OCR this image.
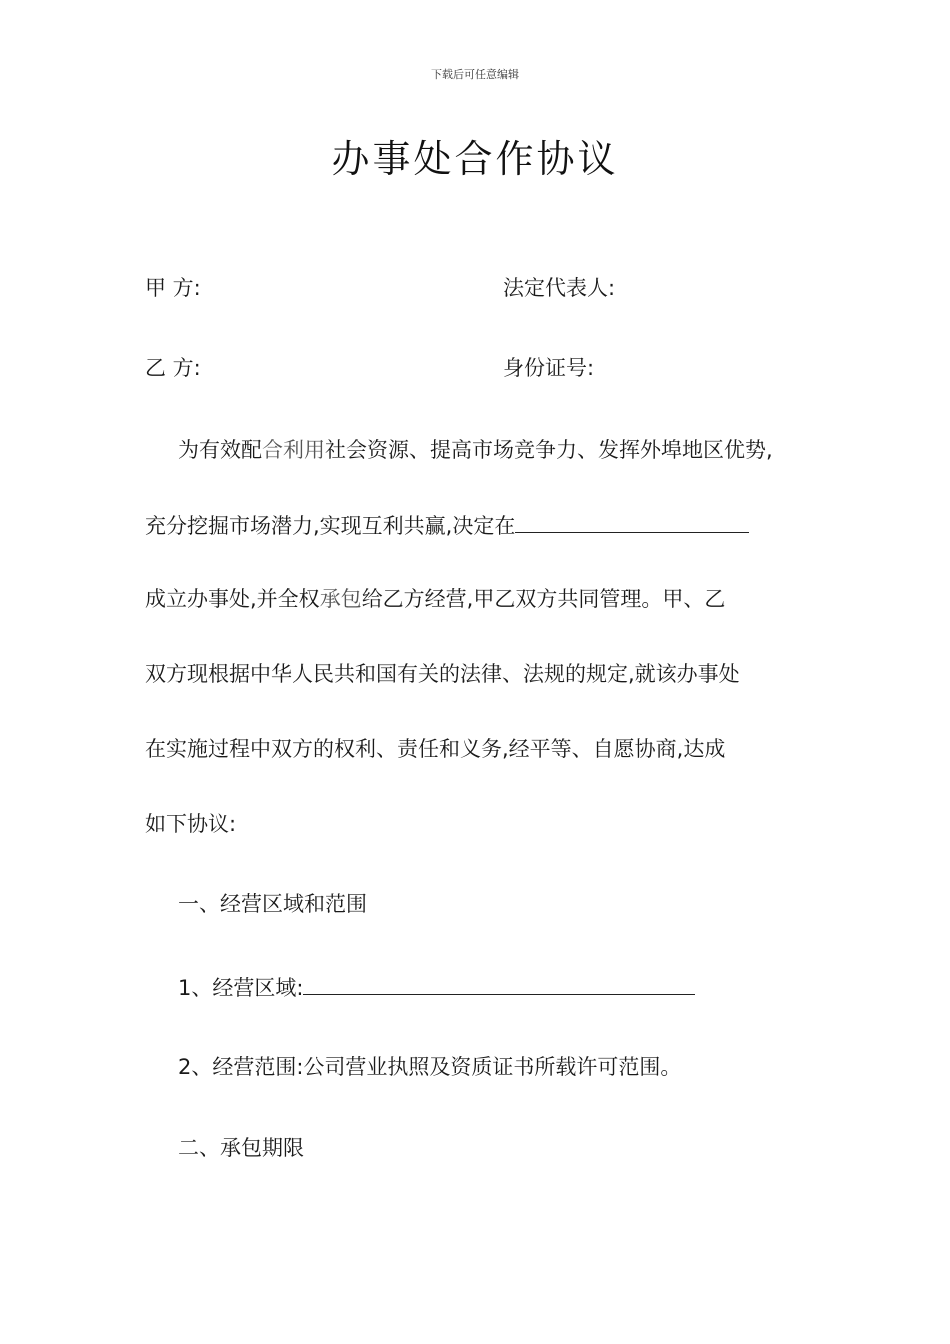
下载后可任意编辑
办事处合作协议
甲 方:	法定代表人:
乙 方:	身份证号:
为有效配合利用社会资源、提高市场竞争力、发挥外埠地区优势,
充分挖掘市场潜力,实现互利共赢,决定在
成立办事处,并全权承包给乙方经营,甲乙双方共同管理。甲、乙
双方现根据中华人民共和国有关的法律、法规的规定,就该办事处
在实施过程中双方的权利、责任和义务,经平等、自愿协商,达成
如下协议:
一、经营区域和范围
1、经营区域:
2、经营范围:公司营业执照及资质证书所载许可范围。
二、承包期限
